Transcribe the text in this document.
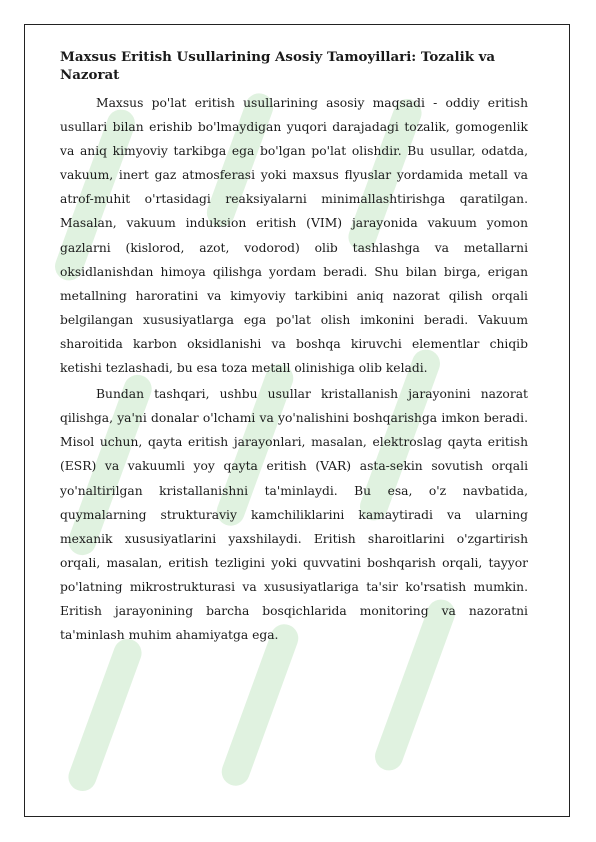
Maxsus Eritish Usullarining Asosiy Tamoyillari: Tozalik va Nazorat

Maxsus po'lat eritish usullarining asosiy maqsadi - oddiy eritish usullari bilan erishib bo'lmaydigan yuqori darajadagi tozalik, gomogenlik va aniq kimyoviy tarkibga ega bo'lgan po'lat olishdir. Bu usullar, odatda, vakuum, inert gaz atmosferasi yoki maxsus flyuslar yordamida metall va atrof-muhit o'rtasidagi reaksiyalarni minimallashtirishga qaratilgan. Masalan, vakuum induksion eritish (VIM) jarayonida vakuum yomon gazlarni (kislorod, azot, vodorod) olib tashlashga va metallarni oksidlanishdan himoya qilishga yordam beradi. Shu bilan birga, erigan metallning haroratini va kimyoviy tarkibini aniq nazorat qilish orqali belgilangan xususiyatlarga ega po'lat olish imkonini beradi. Vakuum sharoitida karbon oksidlanishi va boshqa kiruvchi elementlar chiqib ketishi tezlashadi, bu esa toza metall olinishiga olib keladi.

Bundan tashqari, ushbu usullar kristallanish jarayonini nazorat qilishga, ya'ni donalar o'lchami va yo'nalishini boshqarishga imkon beradi. Misol uchun, qayta eritish jarayonlari, masalan, elektroslag qayta eritish (ESR) va vakuumli yoy qayta eritish (VAR) asta-sekin sovutish orqali yo'naltirilgan kristallanishni ta'minlaydi. Bu esa, o'z navbatida, quymalarning strukturaviy kamchiliklarini kamaytiradi va ularning mexanik xususiyatlarini yaxshilaydi. Eritish sharoitlarini o'zgartirish orqali, masalan, eritish tezligini yoki quvvatini boshqarish orqali, tayyor po'latning mikrostrukturasi va xususiyatlariga ta'sir ko'rsatish mumkin. Eritish jarayonining barcha bosqichlarida monitoring va nazoratni ta'minlash muhim ahamiyatga ega.
